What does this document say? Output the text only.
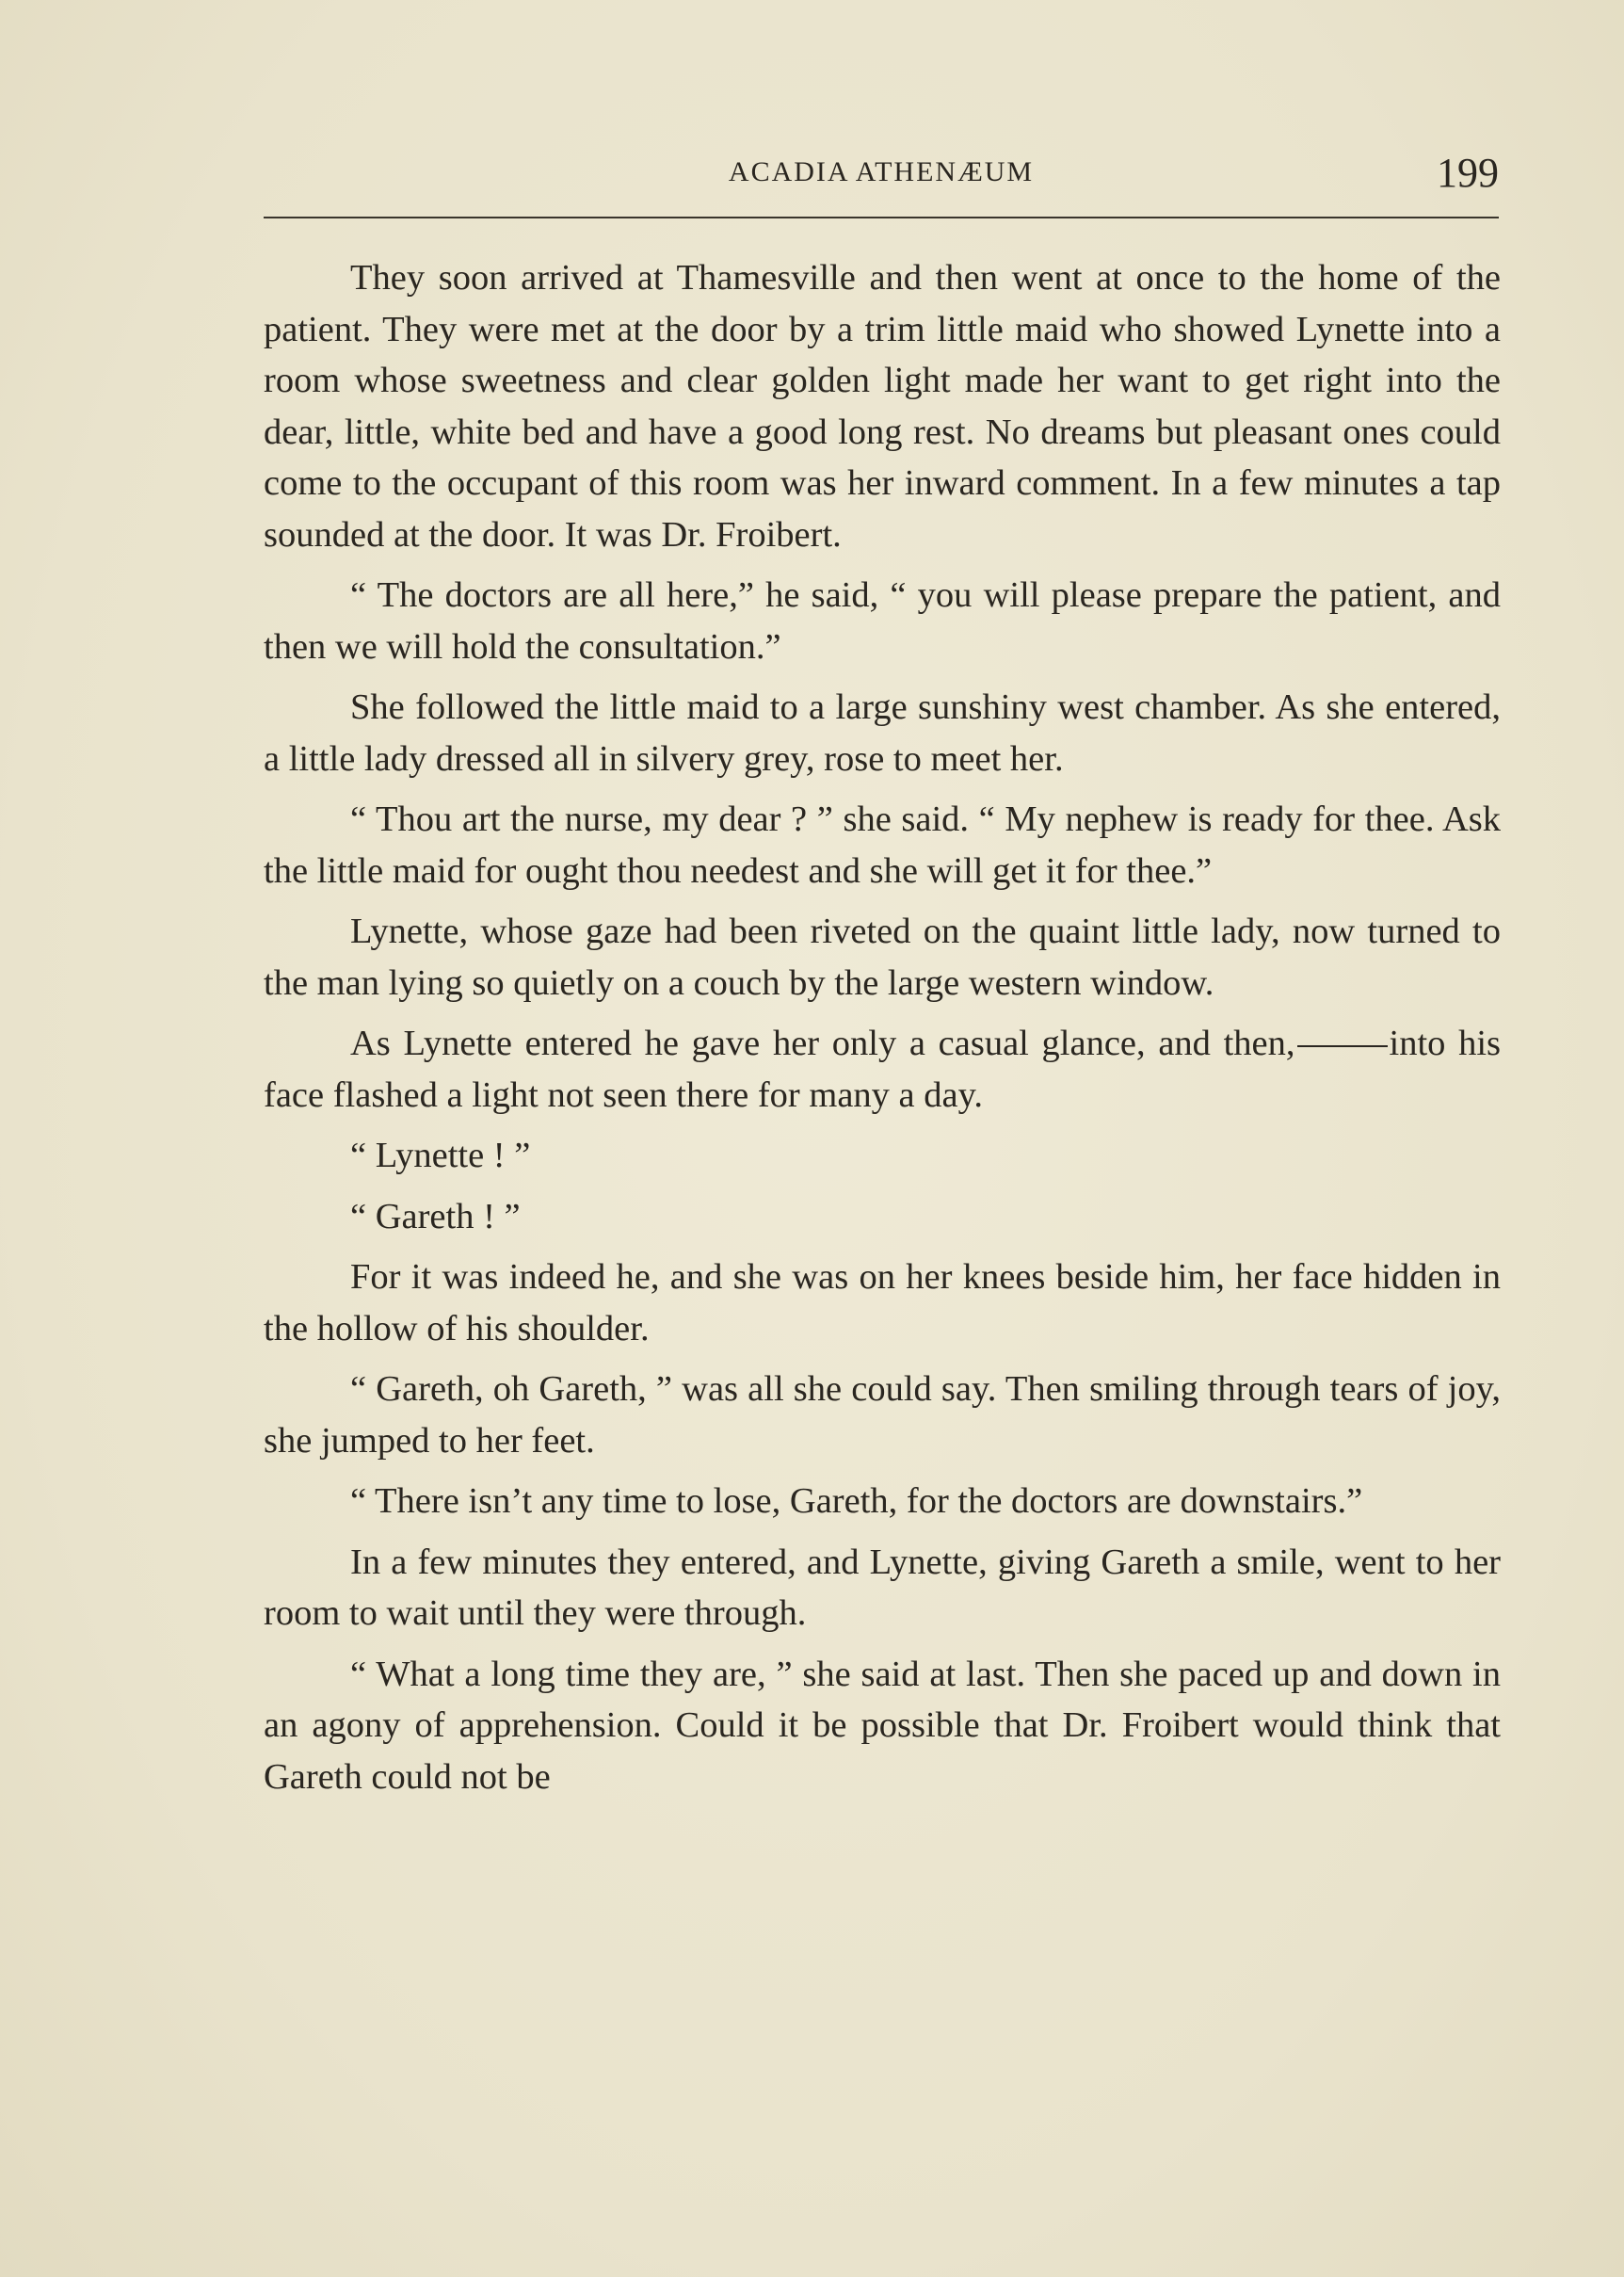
ACADIA ATHENÆUM	199

They soon arrived at Thamesville and then went at once to the home of the patient. They were met at the door by a trim little maid who showed Lynette into a room whose sweetness and clear golden light made her want to get right into the dear, little, white bed and have a good long rest. No dreams but pleasant ones could come to the occupant of this room was her inward comment. In a few minutes a tap sounded at the door. It was Dr. Froibert.

“ The doctors are all here,” he said, “ you will please prepare the patient, and then we will hold the consultation.”

She followed the little maid to a large sunshiny west chamber. As she entered, a little lady dressed all in silvery grey, rose to meet her.

“ Thou art the nurse, my dear ? ” she said. “ My nephew is ready for thee. Ask the little maid for ought thou needest and she will get it for thee.”

Lynette, whose gaze had been riveted on the quaint little lady, now turned to the man lying so quietly on a couch by the large western window.

As Lynette entered he gave her only a casual glance, and then,	into his face flashed a light not seen there for many a day.

“ Lynette ! ”

“ Gareth ! ”

For it was indeed he, and she was on her knees beside him, her face hidden in the hollow of his shoulder.

“ Gareth, oh Gareth, ” was all she could say. Then smiling through tears of joy, she jumped to her feet.

“ There isn’t any time to lose, Gareth, for the doctors are downstairs.”

In a few minutes they entered, and Lynette, giving Gareth a smile, went to her room to wait until they were through.

“ What a long time they are, ” she said at last. Then she paced up and down in an agony of apprehension. Could it be possible that Dr. Froibert would think that Gareth could not be
